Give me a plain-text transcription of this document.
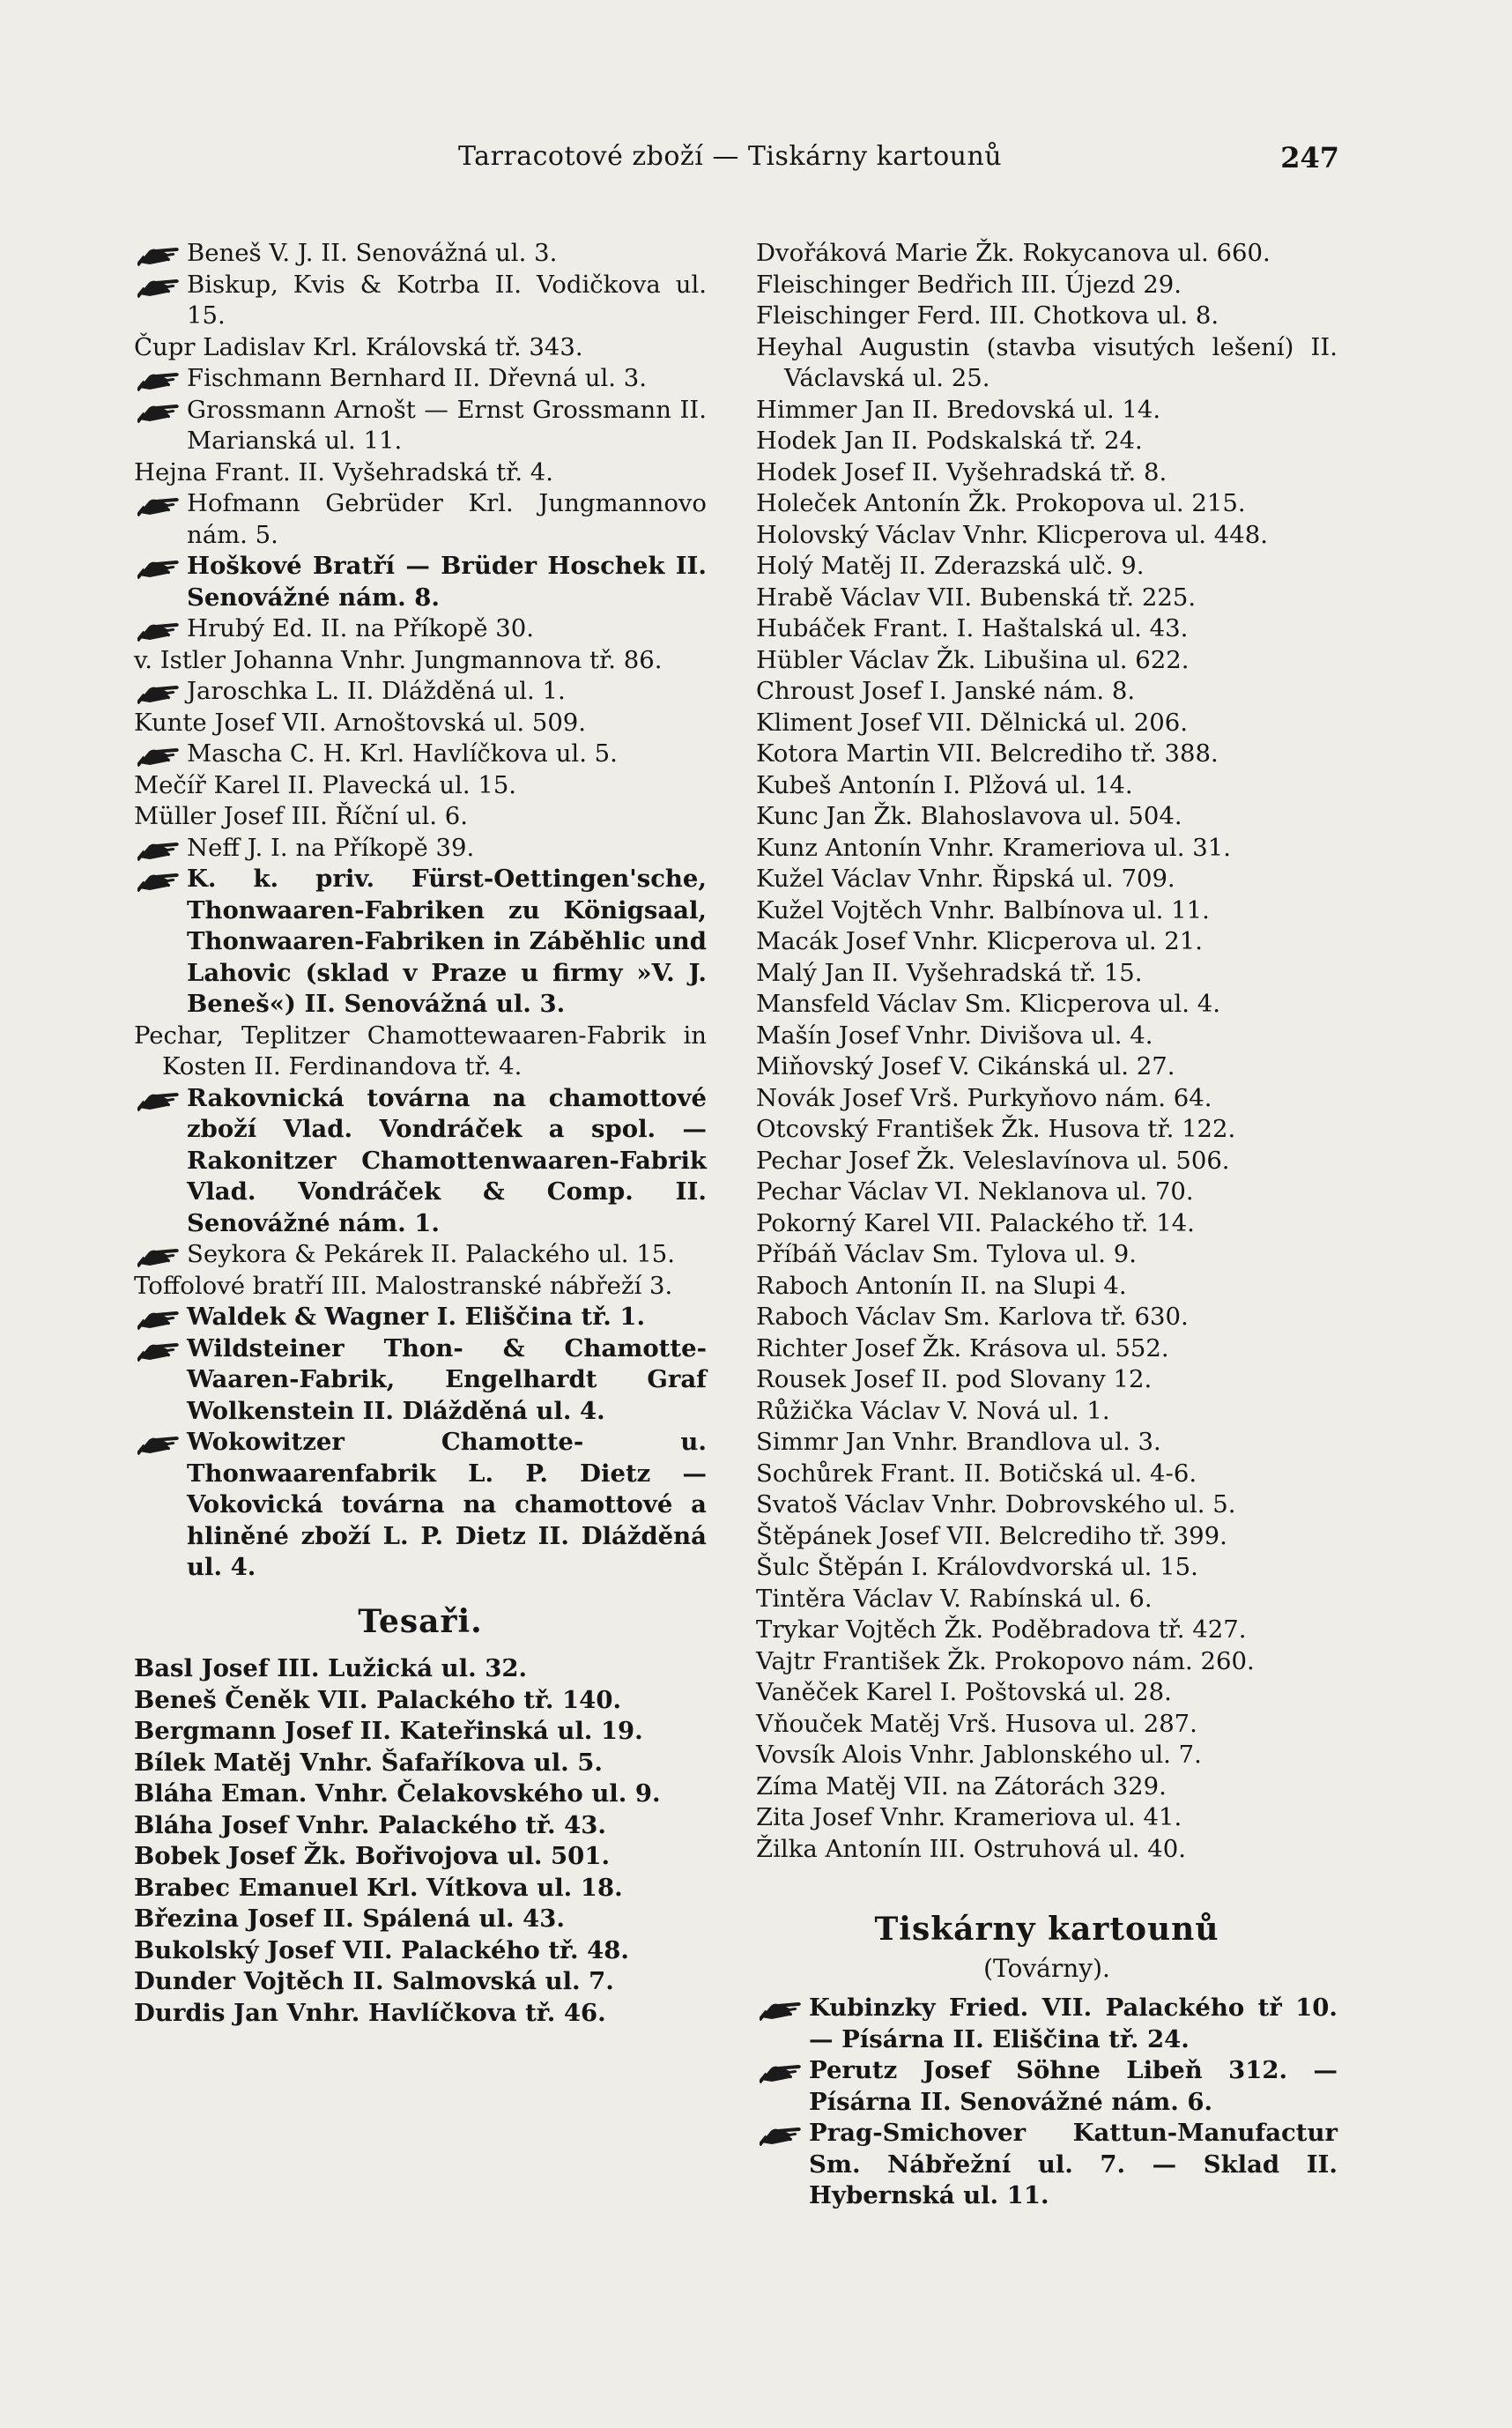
Tarracotové zboží — Tiskárny kartounů	247
Beneš V. J. II. Senovážná ul. 3.
Biskup, Kvis & Kotrba II. Vodičkova ul. 15.
Čupr Ladislav Krl. Královská tř. 343.
Fischmann Bernhard II. Dřevná ul. 3.
Grossmann Arnošt — Ernst Grossmann II. Marianská ul. 11.
Hejna Frant. II. Vyšehradská tř. 4.
Hofmann Gebrüder Krl. Jungmannovo nám. 5.
Hoškové Bratří — Brüder Hoschek II. Senovážné nám. 8.
Hrubý Ed. II. na Příkopě 30.
v. Istler Johanna Vnhr. Jungmannova tř. 86.
Jaroschka L. II. Dlážděná ul. 1.
Kunte Josef VII. Arnoštovská ul. 509.
Mascha C. H. Krl. Havlíčkova ul. 5.
Mečíř Karel II. Plavecká ul. 15.
Müller Josef III. Říční ul. 6.
Neff J. I. na Příkopě 39.
K. k. priv. Fürst-Oettingen'sche, Thonwaaren-Fabriken zu Königsaal, Thonwaaren-Fabriken in Záběhlic und Lahovic (sklad v Praze u firmy »V. J. Beneš«) II. Senovážná ul. 3.
Pechar, Teplitzer Chamottewaaren-Fabrik in Kosten II. Ferdinandova tř. 4.
Rakovnická továrna na chamottové zboží Vlad. Vondráček a spol. — Rakonitzer Chamottenwaaren-Fabrik Vlad. Vondráček & Comp. II. Senovážné nám. 1.
Seykora & Pekárek II. Palackého ul. 15.
Toffolové bratří III. Malostranské nábřeží 3.
Waldek & Wagner I. Eliščina tř. 1.
Wildsteiner Thon- & Chamotte-Waaren-Fabrik, Engelhardt Graf Wolkenstein II. Dlážděná ul. 4.
Wokowitzer Chamotte- u. Thonwaarenfabrik L. P. Dietz — Vokovická továrna na chamottové a hliněné zboží L. P. Dietz II. Dlážděná ul. 4.
Tesaři.
Basl Josef III. Lužická ul. 32.
Beneš Čeněk VII. Palackého tř. 140.
Bergmann Josef II. Kateřinská ul. 19.
Bílek Matěj Vnhr. Šafaříkova ul. 5.
Bláha Eman. Vnhr. Čelakovského ul. 9.
Bláha Josef Vnhr. Palackého tř. 43.
Bobek Josef Žk. Bořivojova ul. 501.
Brabec Emanuel Krl. Vítkova ul. 18.
Březina Josef II. Spálená ul. 43.
Bukolský Josef VII. Palackého tř. 48.
Dunder Vojtěch II. Salmovská ul. 7.
Durdis Jan Vnhr. Havlíčkova tř. 46.
Dvořáková Marie Žk. Rokycanova ul. 660.
Fleischinger Bedřich III. Újezd 29.
Fleischinger Ferd. III. Chotkova ul. 8.
Heyhal Augustin (stavba visutých lešení) II. Václavská ul. 25.
Himmer Jan II. Bredovská ul. 14.
Hodek Jan II. Podskalská tř. 24.
Hodek Josef II. Vyšehradská tř. 8.
Holeček Antonín Žk. Prokopova ul. 215.
Holovský Václav Vnhr. Klicperova ul. 448.
Holý Matěj II. Zderazská ulč. 9.
Hrabě Václav VII. Bubenská tř. 225.
Hubáček Frant. I. Haštalská ul. 43.
Hübler Václav Žk. Libušina ul. 622.
Chroust Josef I. Janské nám. 8.
Kliment Josef VII. Dělnická ul. 206.
Kotora Martin VII. Belcrediho tř. 388.
Kubeš Antonín I. Plžová ul. 14.
Kunc Jan Žk. Blahoslavova ul. 504.
Kunz Antonín Vnhr. Krameriova ul. 31.
Kužel Václav Vnhr. Řipská ul. 709.
Kužel Vojtěch Vnhr. Balbínova ul. 11.
Macák Josef Vnhr. Klicperova ul. 21.
Malý Jan II. Vyšehradská tř. 15.
Mansfeld Václav Sm. Klicperova ul. 4.
Mašín Josef Vnhr. Divišova ul. 4.
Miňovský Josef V. Cikánská ul. 27.
Novák Josef Vrš. Purkyňovo nám. 64.
Otcovský František Žk. Husova tř. 122.
Pechar Josef Žk. Veleslavínova ul. 506.
Pechar Václav VI. Neklanova ul. 70.
Pokorný Karel VII. Palackého tř. 14.
Příbáň Václav Sm. Tylova ul. 9.
Raboch Antonín II. na Slupi 4.
Raboch Václav Sm. Karlova tř. 630.
Richter Josef Žk. Krásova ul. 552.
Rousek Josef II. pod Slovany 12.
Růžička Václav V. Nová ul. 1.
Simmr Jan Vnhr. Brandlova ul. 3.
Sochůrek Frant. II. Botičská ul. 4-6.
Svatoš Václav Vnhr. Dobrovského ul. 5.
Štěpánek Josef VII. Belcrediho tř. 399.
Šulc Štěpán I. Královdvorská ul. 15.
Tintěra Václav V. Rabínská ul. 6.
Trykar Vojtěch Žk. Poděbradova tř. 427.
Vajtr František Žk. Prokopovo nám. 260.
Vaněček Karel I. Poštovská ul. 28.
Vňouček Matěj Vrš. Husova ul. 287.
Vovsík Alois Vnhr. Jablonského ul. 7.
Zíma Matěj VII. na Zátorách 329.
Zita Josef Vnhr. Krameriova ul. 41.
Žilka Antonín III. Ostruhová ul. 40.
Tiskárny kartounů
(Továrny).
Kubinzky Fried. VII. Palackého tř 10. — Písárna II. Eliščina tř. 24.
Perutz Josef Söhne Libeň 312. — Písárna II. Senovážné nám. 6.
Prag-Smichover Kattun-Manufactur Sm. Nábřežní ul. 7. — Sklad II. Hybernská ul. 11.
